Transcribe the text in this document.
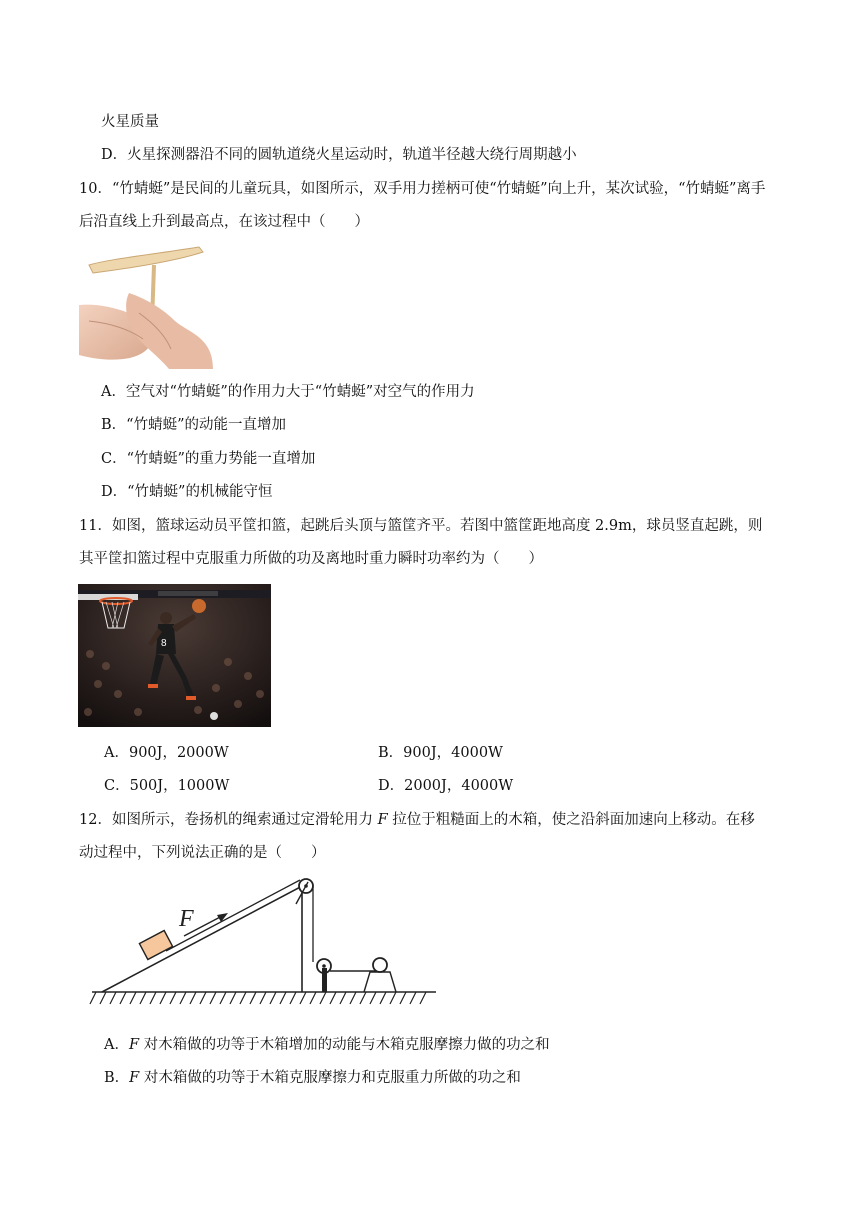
火星质量
D．火星探测器沿不同的圆轨道绕火星运动时，轨道半径越大绕行周期越小
10．“竹蜻蜓”是民间的儿童玩具，如图所示，双手用力搓柄可使“竹蜻蜓”向上升，某次试验，“竹蜻蜓”离手
后沿直线上升到最高点，在该过程中（　　）
A．空气对“竹蜻蜓”的作用力大于“竹蜻蜓”对空气的作用力
B．“竹蜻蜓”的动能一直增加
C．“竹蜻蜓”的重力势能一直增加
D．“竹蜻蜓”的机械能守恒
11．如图，篮球运动员平筐扣篮，起跳后头顶与篮筐齐平。若图中篮筐距地高度 2.9m，球员竖直起跳，则
其平筐扣篮过程中克服重力所做的功及离地时重力瞬时功率约为（　　）
8
A．900J，2000W	B．900J，4000W
C．500J，1000W	D．2000J，4000W
12．如图所示，卷扬机的绳索通过定滑轮用力 F 拉位于粗糙面上的木箱，使之沿斜面加速向上移动。在移
动过程中，下列说法正确的是（　　）
F
A．F 对木箱做的功等于木箱增加的动能与木箱克服摩擦力做的功之和
B．F 对木箱做的功等于木箱克服摩擦力和克服重力所做的功之和
